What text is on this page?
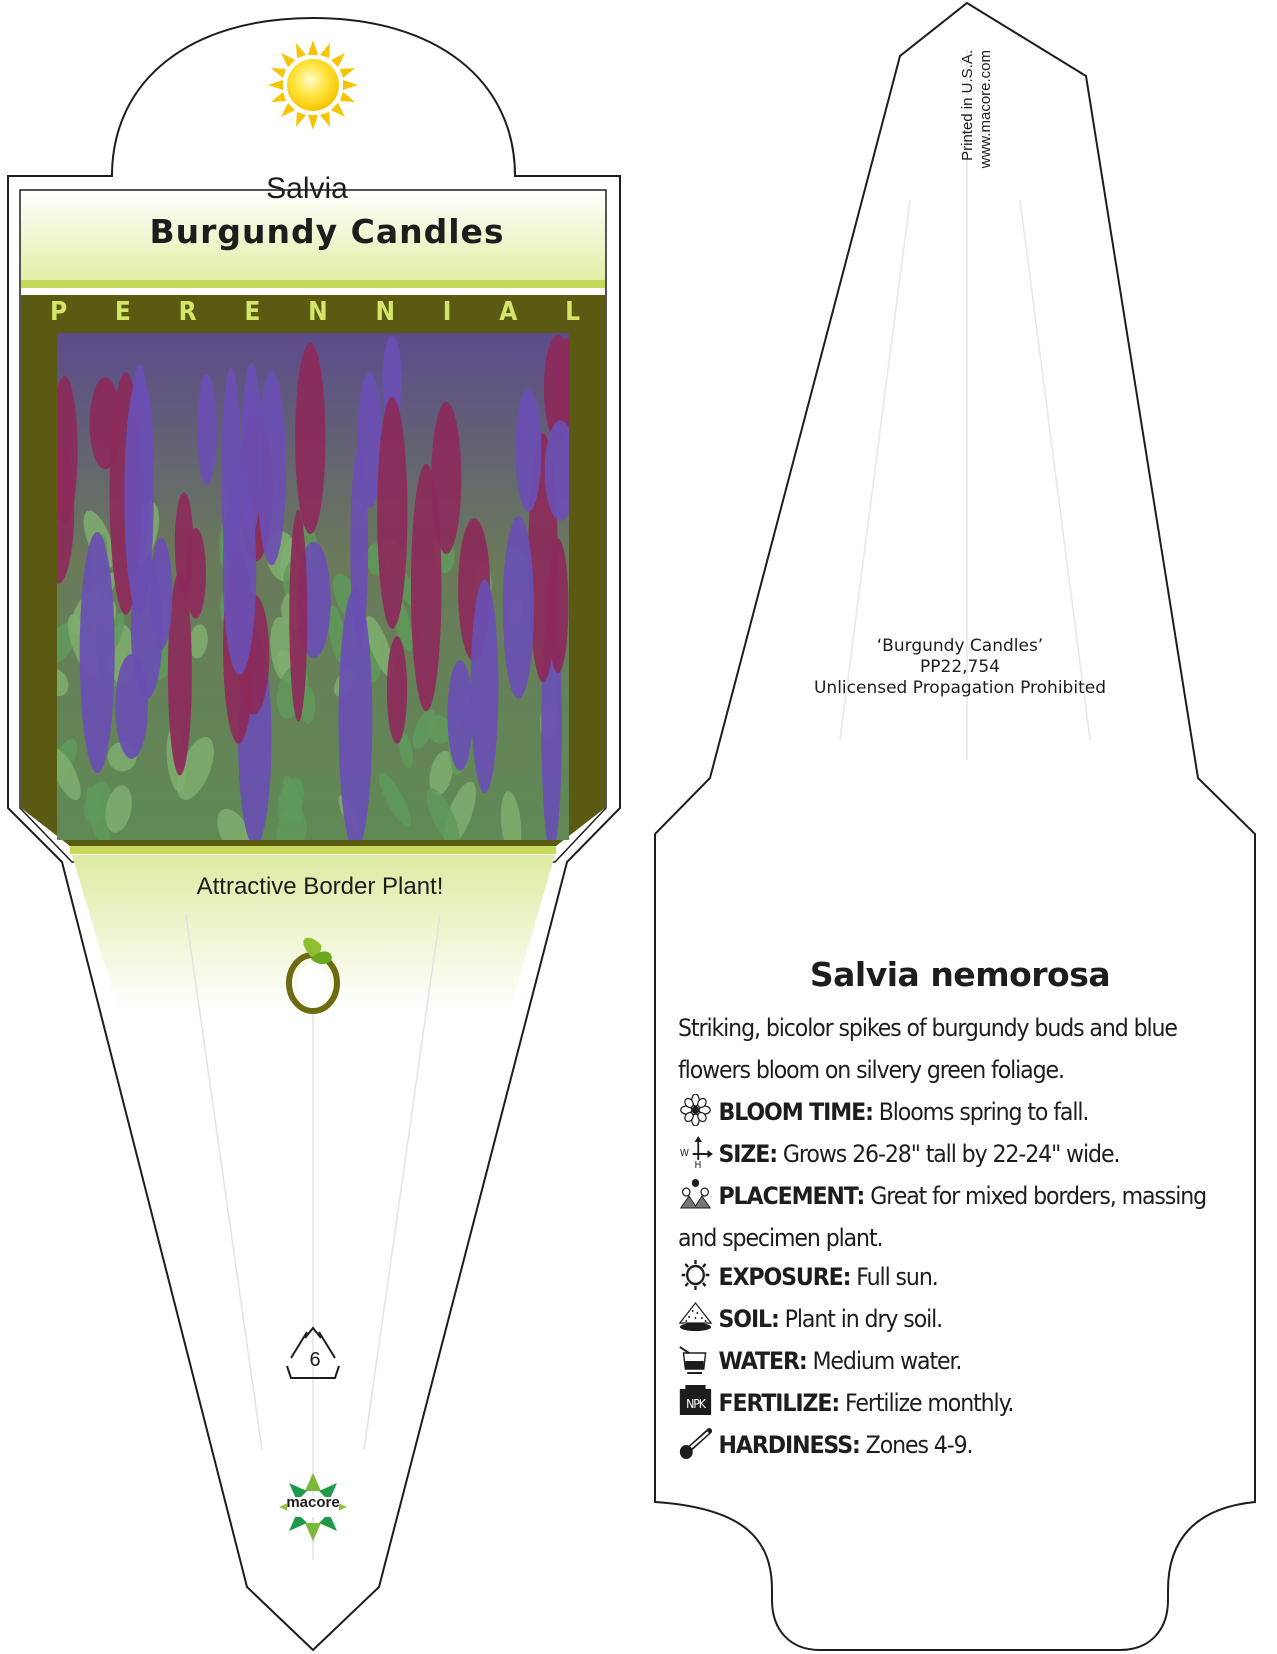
Salvia
Burgundy Candles
P E R E N N I A L
Attractive Border Plant!
6
macore
Printed in U.S.A. www.macore.com
‘Burgundy Candles’
PP22,754
Unlicensed Propagation Prohibited
Salvia nemorosa
Striking, bicolor spikes of burgundy buds and blue flowers bloom on silvery green foliage.
BLOOM TIME: Blooms spring to fall.
W
H SIZE: Grows 26-28" tall by 22-24" wide.
PLACEMENT: Great for mixed borders, massing and specimen plant.
EXPOSURE: Full sun.
SOIL: Plant in dry soil.
WATER: Medium water.
NPK FERTILIZE: Fertilize monthly.
HARDINESS: Zones 4-9.
